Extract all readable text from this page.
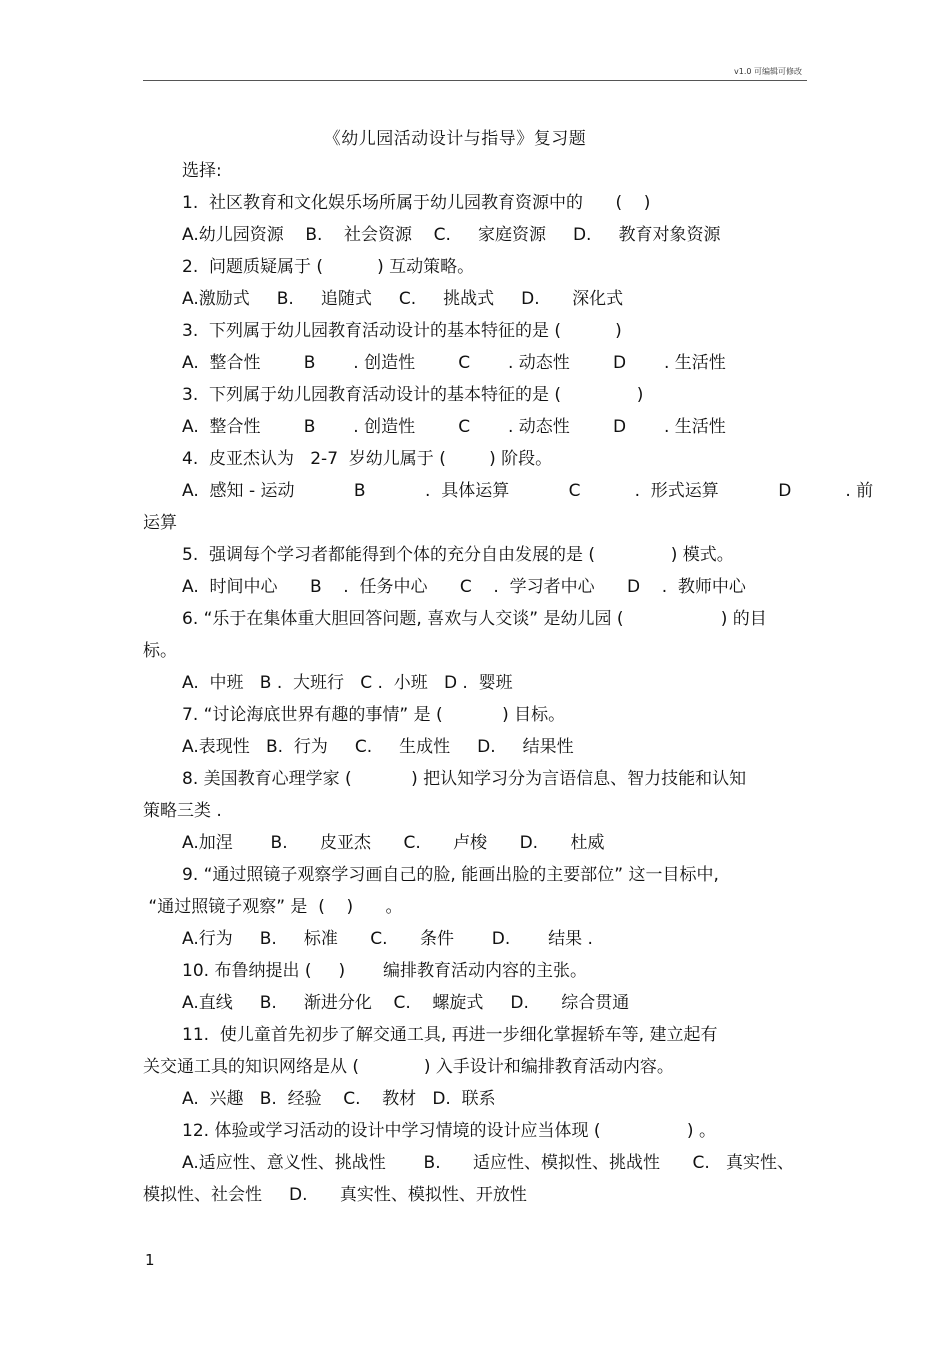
v1.0 可编辑可修改
《幼儿园活动设计与指导》复习题
选择:
1.  社区教育和文化娱乐场所属于幼儿园教育资源中的      (    )
A.幼儿园资源    B.    社会资源    C.     家庭资源     D.     教育对象资源
2.  问题质疑属于 (          ) 互动策略。
A.激励式     B.     追随式     C.     挑战式     D.      深化式
3.  下列属于幼儿园教育活动设计的基本特征的是 (          )
A.  整合性        B       . 创造性        C       . 动态性        D       . 生活性
3.  下列属于幼儿园教育活动设计的基本特征的是 (              )
A.  整合性        B       . 创造性        C       . 动态性        D       . 生活性
4.  皮亚杰认为   2-7  岁幼儿属于 (        ) 阶段。
A.  感知 - 运动           B           .  具体运算           C          .  形式运算           D          . 前
运算
5.  强调每个学习者都能得到个体的充分自由发展的是 (              ) 模式。
A.  时间中心      B    .  任务中心      C    .  学习者中心      D    .  教师中心
6. “乐于在集体重大胆回答问题, 喜欢与人交谈” 是幼儿园 (                  ) 的目
标。
A.  中班   B .  大班行   C .  小班   D .  婴班
7. “讨论海底世界有趣的事情” 是 (           ) 目标。
A.表现性   B.  行为     C.     生成性     D.     结果性
8. 美国教育心理学家 (           ) 把认知学习分为言语信息、智力技能和认知
策略三类 .
A.加涅       B.      皮亚杰      C.      卢梭      D.      杜威
9. “通过照镜子观察学习画自己的脸, 能画出脸的主要部位” 这一目标中,
“通过照镜子观察” 是  (    )      。
A.行为     B.     标准      C.      条件       D.       结果 .
10. 布鲁纳提出 (     )       编排教育活动内容的主张。
A.直线     B.     渐进分化    C.    螺旋式     D.      综合贯通
11.  使儿童首先初步了解交通工具, 再进一步细化掌握轿车等, 建立起有
关交通工具的知识网络是从 (            ) 入手设计和编排教育活动内容。
A.  兴趣   B.  经验    C.    教材   D.  联系
12. 体验或学习活动的设计中学习情境的设计应当体现 (                ) 。
A.适应性、意义性、挑战性       B.      适应性、模拟性、挑战性      C.   真实性、
模拟性、社会性     D.      真实性、模拟性、开放性
1
